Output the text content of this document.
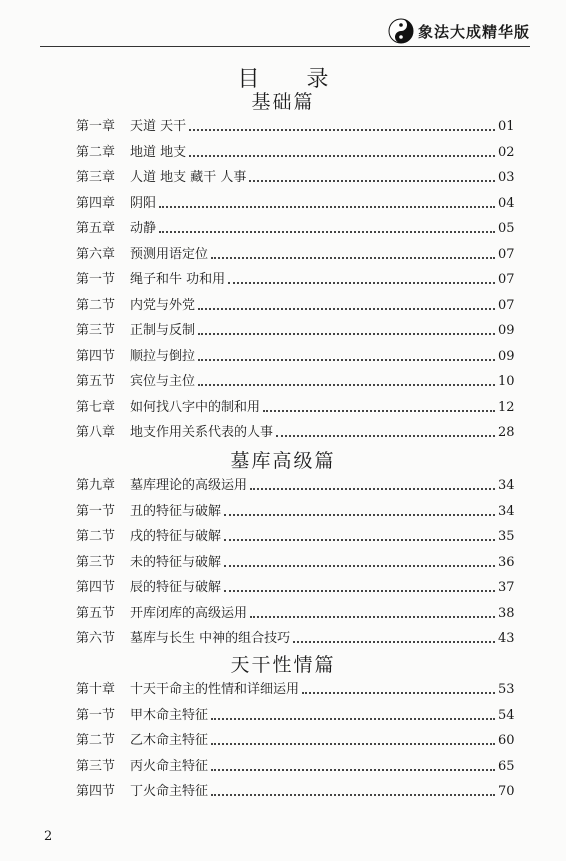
象法大成精华版
目 录
基础篇
第一章	天道 天干	01
第二章	地道 地支	02
第三章	人道 地支 藏干 人事	03
第四章	阴阳	04
第五章	动静	05
第六章	预测用语定位	07
第一节	绳子和牛 功和用	07
第二节	内党与外党	07
第三节	正制与反制	09
第四节	顺拉与倒拉	09
第五节	宾位与主位	10
第七章	如何找八字中的制和用	12
第八章	地支作用关系代表的人事	28
墓库高级篇
第九章	墓库理论的高级运用	34
第一节	丑的特征与破解	34
第二节	戌的特征与破解	35
第三节	未的特征与破解	36
第四节	辰的特征与破解	37
第五节	开库闭库的高级运用	38
第六节	墓库与长生 中神的组合技巧	43
天干性情篇
第十章	十天干命主的性情和详细运用	53
第一节	甲木命主特征	54
第二节	乙木命主特征	60
第三节	丙火命主特征	65
第四节	丁火命主特征	70
2
